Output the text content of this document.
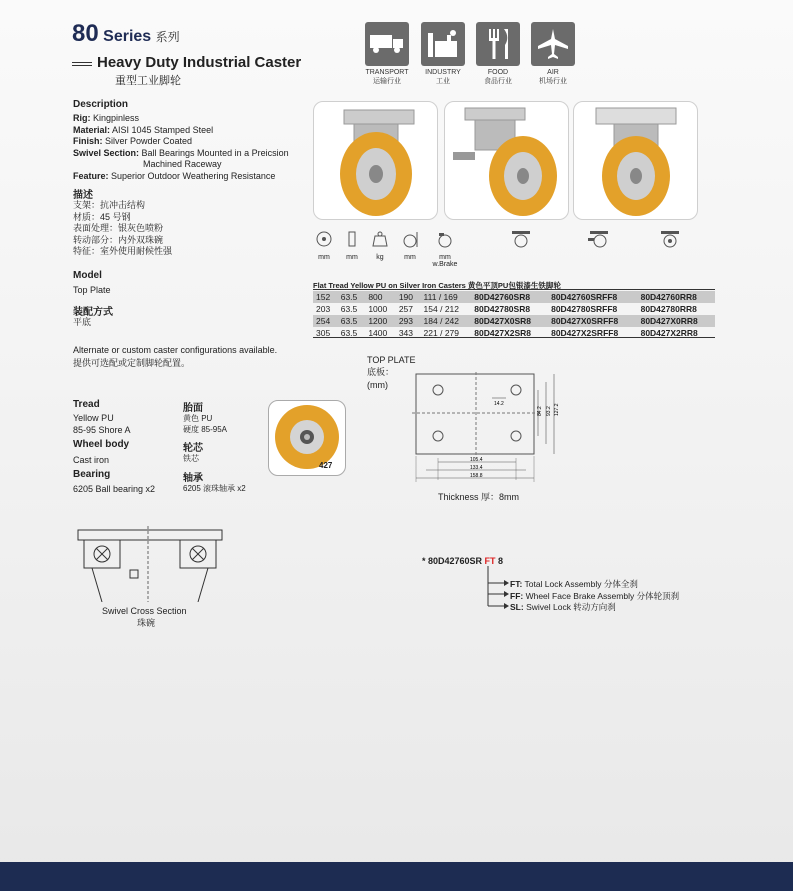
80 Series 系列
Heavy Duty Industrial Caster
重型工业脚轮
TRANSPORT
运输行业
INDUSTRY
工业
FOOD
食品行业
AIR
机场行业
Description
Rig: Kingpinless
Material: AISI 1045 Stamped Steel
Finish: Silver Powder Coated
Swivel Section: Ball Bearings Mounted in a Preicsion
Machined Raceway
Feature: Superior Outdoor Weathering Resistance
描述
支架：抗冲击结构
材质：45 号钢
表面处理：银灰色喷粉
转动部分：内外双珠碗
特征：室外使用耐候性强
Model
Top Plate
装配方式
平底
Alternate or custom caster configurations available.
提供可选配或定制脚轮配置。
mm	mm	kg	mm	mm
w.Brake
Flat Tread Yellow PU on Silver Iron Casters 黄色平顶PU包银漆生铁脚轮
152	63.5	800	190	111 / 169	80D42760SR8	80D42760SRFF8	80D42760RR8
203	63.5	1000	257	154 / 212	80D42780SR8	80D42780SRFF8	80D42780RR8
254	63.5	1200	293	184 / 242	80D427X0SR8	80D427X0SRFF8	80D427X0RR8
305	63.5	1400	343	221 / 279	80D427X2SR8	80D427X2SRFF8	80D427X2RR8
Tread
Yellow PU
85-95 Shore A
胎面
黄色 PU
硬度 85-95A
Wheel body
Cast iron
轮芯
铁芯
Bearing
6205 Ball bearing x2
轴承
6205 滚珠轴承 x2
427
TOP PLATE
底板：
(mm)
14.2
84.2 93.2 127.2
105.4
133.4
158.8
Thickness 厚：8mm
Swivel Cross Section
珠碗
* 80D42760SR FT 8
FT: Total Lock Assembly 分体全刹
FF: Wheel Face Brake Assembly 分体轮顶刹
SL: Swivel Lock 转动方向刹
